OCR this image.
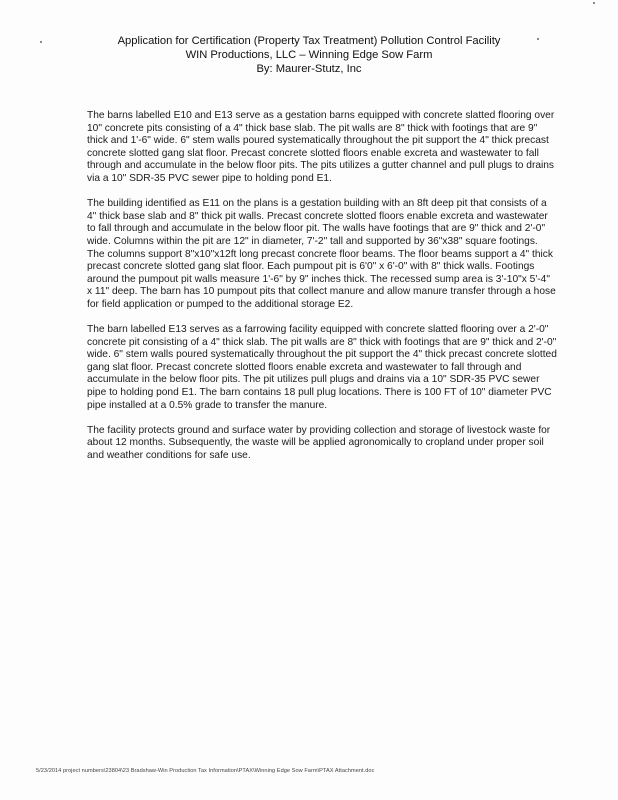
Application for Certification (Property Tax Treatment) Pollution Control Facility
WIN Productions, LLC – Winning Edge Sow Farm
By: Maurer-Stutz, Inc

The barns labelled E10 and E13 serve as a gestation barns equipped with concrete slatted flooring over 10" concrete pits consisting of a 4" thick base slab. The pit walls are 8" thick with footings that are 9" thick and 1'-6" wide. 6" stem walls poured systematically throughout the pit support the 4" thick precast concrete slotted gang slat floor. Precast concrete slotted floors enable excreta and wastewater to fall through and accumulate in the below floor pits. The pits utilizes a gutter channel and pull plugs to drains via a 10" SDR-35 PVC sewer pipe to holding pond E1.

The building identified as E11 on the plans is a gestation building with an 8ft deep pit that consists of a 4" thick base slab and 8" thick pit walls. Precast concrete slotted floors enable excreta and wastewater to fall through and accumulate in the below floor pit. The walls have footings that are 9" thick and 2'-0" wide. Columns within the pit are 12" in diameter, 7'-2" tall and supported by 36"x38" square footings. The columns support 8"x10"x12ft long precast concrete floor beams. The floor beams support a 4" thick precast concrete slotted gang slat floor. Each pumpout pit is 6'0" x 6'-0" with 8" thick walls. Footings around the pumpout pit walls measure 1'-6" by 9" inches thick. The recessed sump area is 3'-10"x 5'-4" x 11" deep. The barn has 10 pumpout pits that collect manure and allow manure transfer through a hose for field application or pumped to the additional storage E2.

The barn labelled E13 serves as a farrowing facility equipped with concrete slatted flooring over a 2'-0" concrete pit consisting of a 4" thick slab. The pit walls are 8" thick with footings that are 9" thick and 2'-0" wide. 6" stem walls poured systematically throughout the pit support the 4" thick precast concrete slotted gang slat floor. Precast concrete slotted floors enable excreta and wastewater to fall through and accumulate in the below floor pits. The pit utilizes pull plugs and drains via a 10" SDR-35 PVC sewer pipe to holding pond E1. The barn contains 18 pull plug locations. There is 100 FT of 10" diameter PVC pipe installed at a 0.5% grade to transfer the manure.

The facility protects ground and surface water by providing collection and storage of livestock waste for about 12 months. Subsequently, the waste will be applied agronomically to cropland under proper soil and weather conditions for safe use.

5/23/2014 project numbers\23804\23 Bradshaw-Win Production Tax Information\PTAX\Winning Edge Sow Farm\PTAX Attachment.doc
